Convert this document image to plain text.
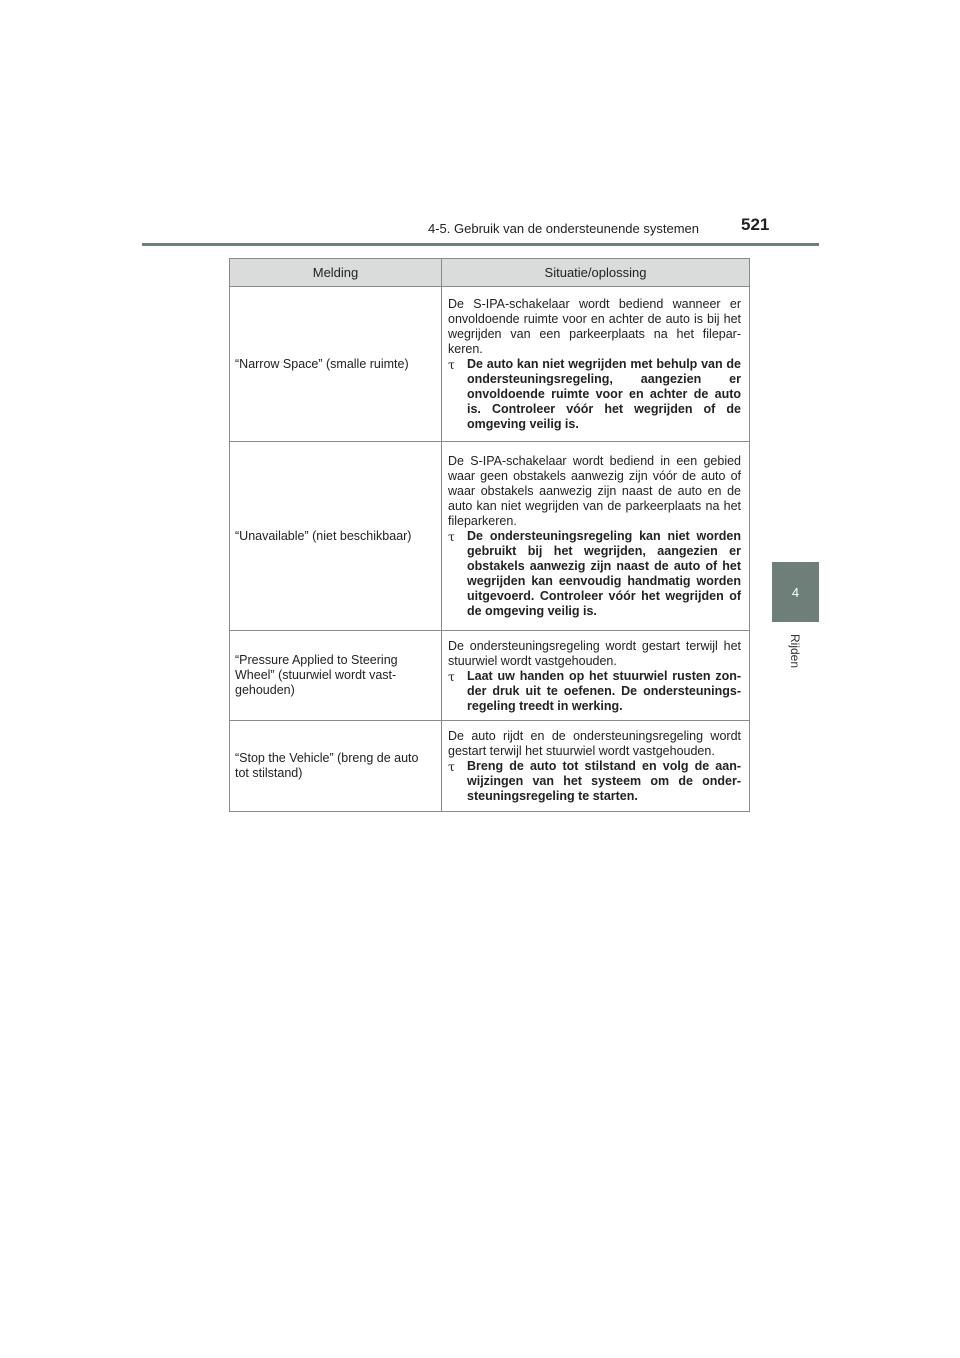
4-5. Gebruik van de ondersteunende systemen 521
4
Rijden
Melding	Situatie/oplossing
“Narrow Space” (smalle ruimte)	De S-IPA-schakelaar wordt bediend wanneer er onvoldoende ruimte voor en achter de auto is bij het wegrijden van een parkeerplaats na het filepar-keren.
τ De auto kan niet wegrijden met behulp van de ondersteuningsregeling, aangezien er onvoldoende ruimte voor en achter de auto is. Controleer vóór het wegrijden of de omgeving veilig is.

“Unavailable” (niet beschikbaar)	De S-IPA-schakelaar wordt bediend in een gebied waar geen obstakels aanwezig zijn vóór de auto of waar obstakels aanwezig zijn naast de auto en de auto kan niet wegrijden van de parkeerplaats na het fileparkeren.
τ De ondersteuningsregeling kan niet worden gebruikt bij het wegrijden, aangezien er obstakels aanwezig zijn naast de auto of het wegrijden kan eenvoudig handmatig worden uitgevoerd. Controleer vóór het wegrijden of de omgeving veilig is.

“Pressure Applied to Steering Wheel” (stuurwiel wordt vast-gehouden)	De ondersteuningsregeling wordt gestart terwijl het stuurwiel wordt vastgehouden.
τ Laat uw handen op het stuurwiel rusten zon-der druk uit te oefenen. De ondersteunings-regeling treedt in werking.

“Stop the Vehicle” (breng de auto tot stilstand)	De auto rijdt en de ondersteuningsregeling wordt gestart terwijl het stuurwiel wordt vastgehouden.
τ Breng de auto tot stilstand en volg de aan-wijzingen van het systeem om de onder-steuningsregeling te starten.
